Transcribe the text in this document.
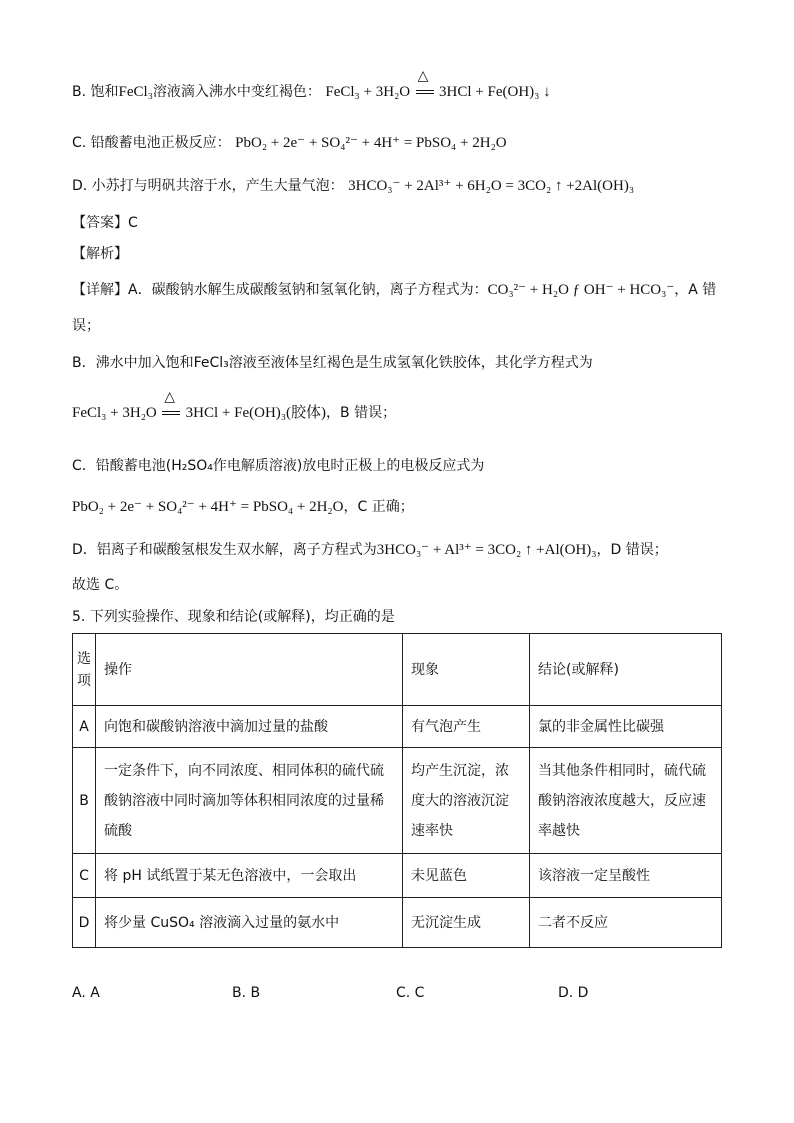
B. 饱和FeCl₃溶液滴入沸水中变红褐色： FeCl₃ + 3H₂O
△
3HCl + Fe(OH)₃ ↓
C. 铅酸蓄电池正极反应： PbO₂ + 2e⁻ + SO₄²⁻ + 4H⁺ = PbSO₄ + 2H₂O
D. 小苏打与明矾共溶于水，产生大量气泡： 3HCO₃⁻ + 2Al³⁺ + 6H₂O = 3CO₂ ↑ +2Al(OH)₃
【答案】C
【解析】
【详解】A．碳酸钠水解生成碳酸氢钠和氢氧化钠，离子方程式为：CO₃²⁻ + H₂O ƒ OH⁻ + HCO₃⁻，A 错
误；
B．沸水中加入饱和FeCl₃溶液至液体呈红褐色是生成氢氧化铁胶体，其化学方程式为
FeCl₃ + 3H₂O
△
3HCl + Fe(OH)₃(胶体)，B 错误；
C．铅酸蓄电池(H₂SO₄作电解质溶液)放电时正极上的电极反应式为
PbO₂ + 2e⁻ + SO₄²⁻ + 4H⁺ = PbSO₄ + 2H₂O，C 正确；
D．铝离子和碳酸氢根发生双水解，离子方程式为3HCO₃⁻ + Al³⁺ = 3CO₂ ↑ +Al(OH)₃，D 错误；
故选 C。
5. 下列实验操作、现象和结论(或解释)，均正确的是
选项	操作	现象	结论(或解释)
A	向饱和碳酸钠溶液中滴加过量的盐酸	有气泡产生	氯的非金属性比碳强
B	一定条件下，向不同浓度、相同体积的硫代硫酸钠溶液中同时滴加等体积相同浓度的过量稀硫酸	均产生沉淀，浓度大的溶液沉淀速率快	当其他条件相同时，硫代硫酸钠溶液浓度越大，反应速率越快
C	将 pH 试纸置于某无色溶液中，一会取出	未见蓝色	该溶液一定呈酸性
D	将少量 CuSO₄ 溶液滴入过量的氨水中	无沉淀生成	二者不反应
A. A	B. B	C. C	D. D
